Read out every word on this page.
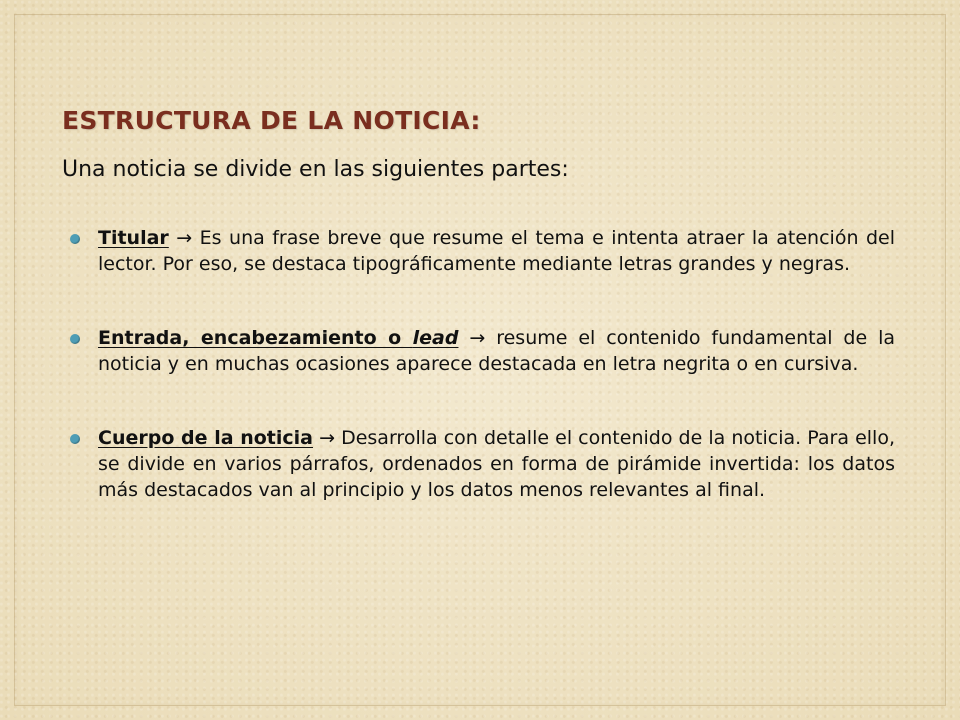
ESTRUCTURA DE LA NOTICIA:

Una noticia se divide en las siguientes partes:

Titular → Es una frase breve que resume el tema e intenta atraer la atención del lector. Por eso, se destaca tipográficamente mediante letras grandes y negras.
Entrada, encabezamiento o lead → resume el contenido fundamental de la noticia y en muchas ocasiones aparece destacada en letra negrita o en cursiva.
Cuerpo de la noticia → Desarrolla con detalle el contenido de la noticia. Para ello, se divide en varios párrafos, ordenados en forma de pirámide invertida: los datos más destacados van al principio y los datos menos relevantes al final.
